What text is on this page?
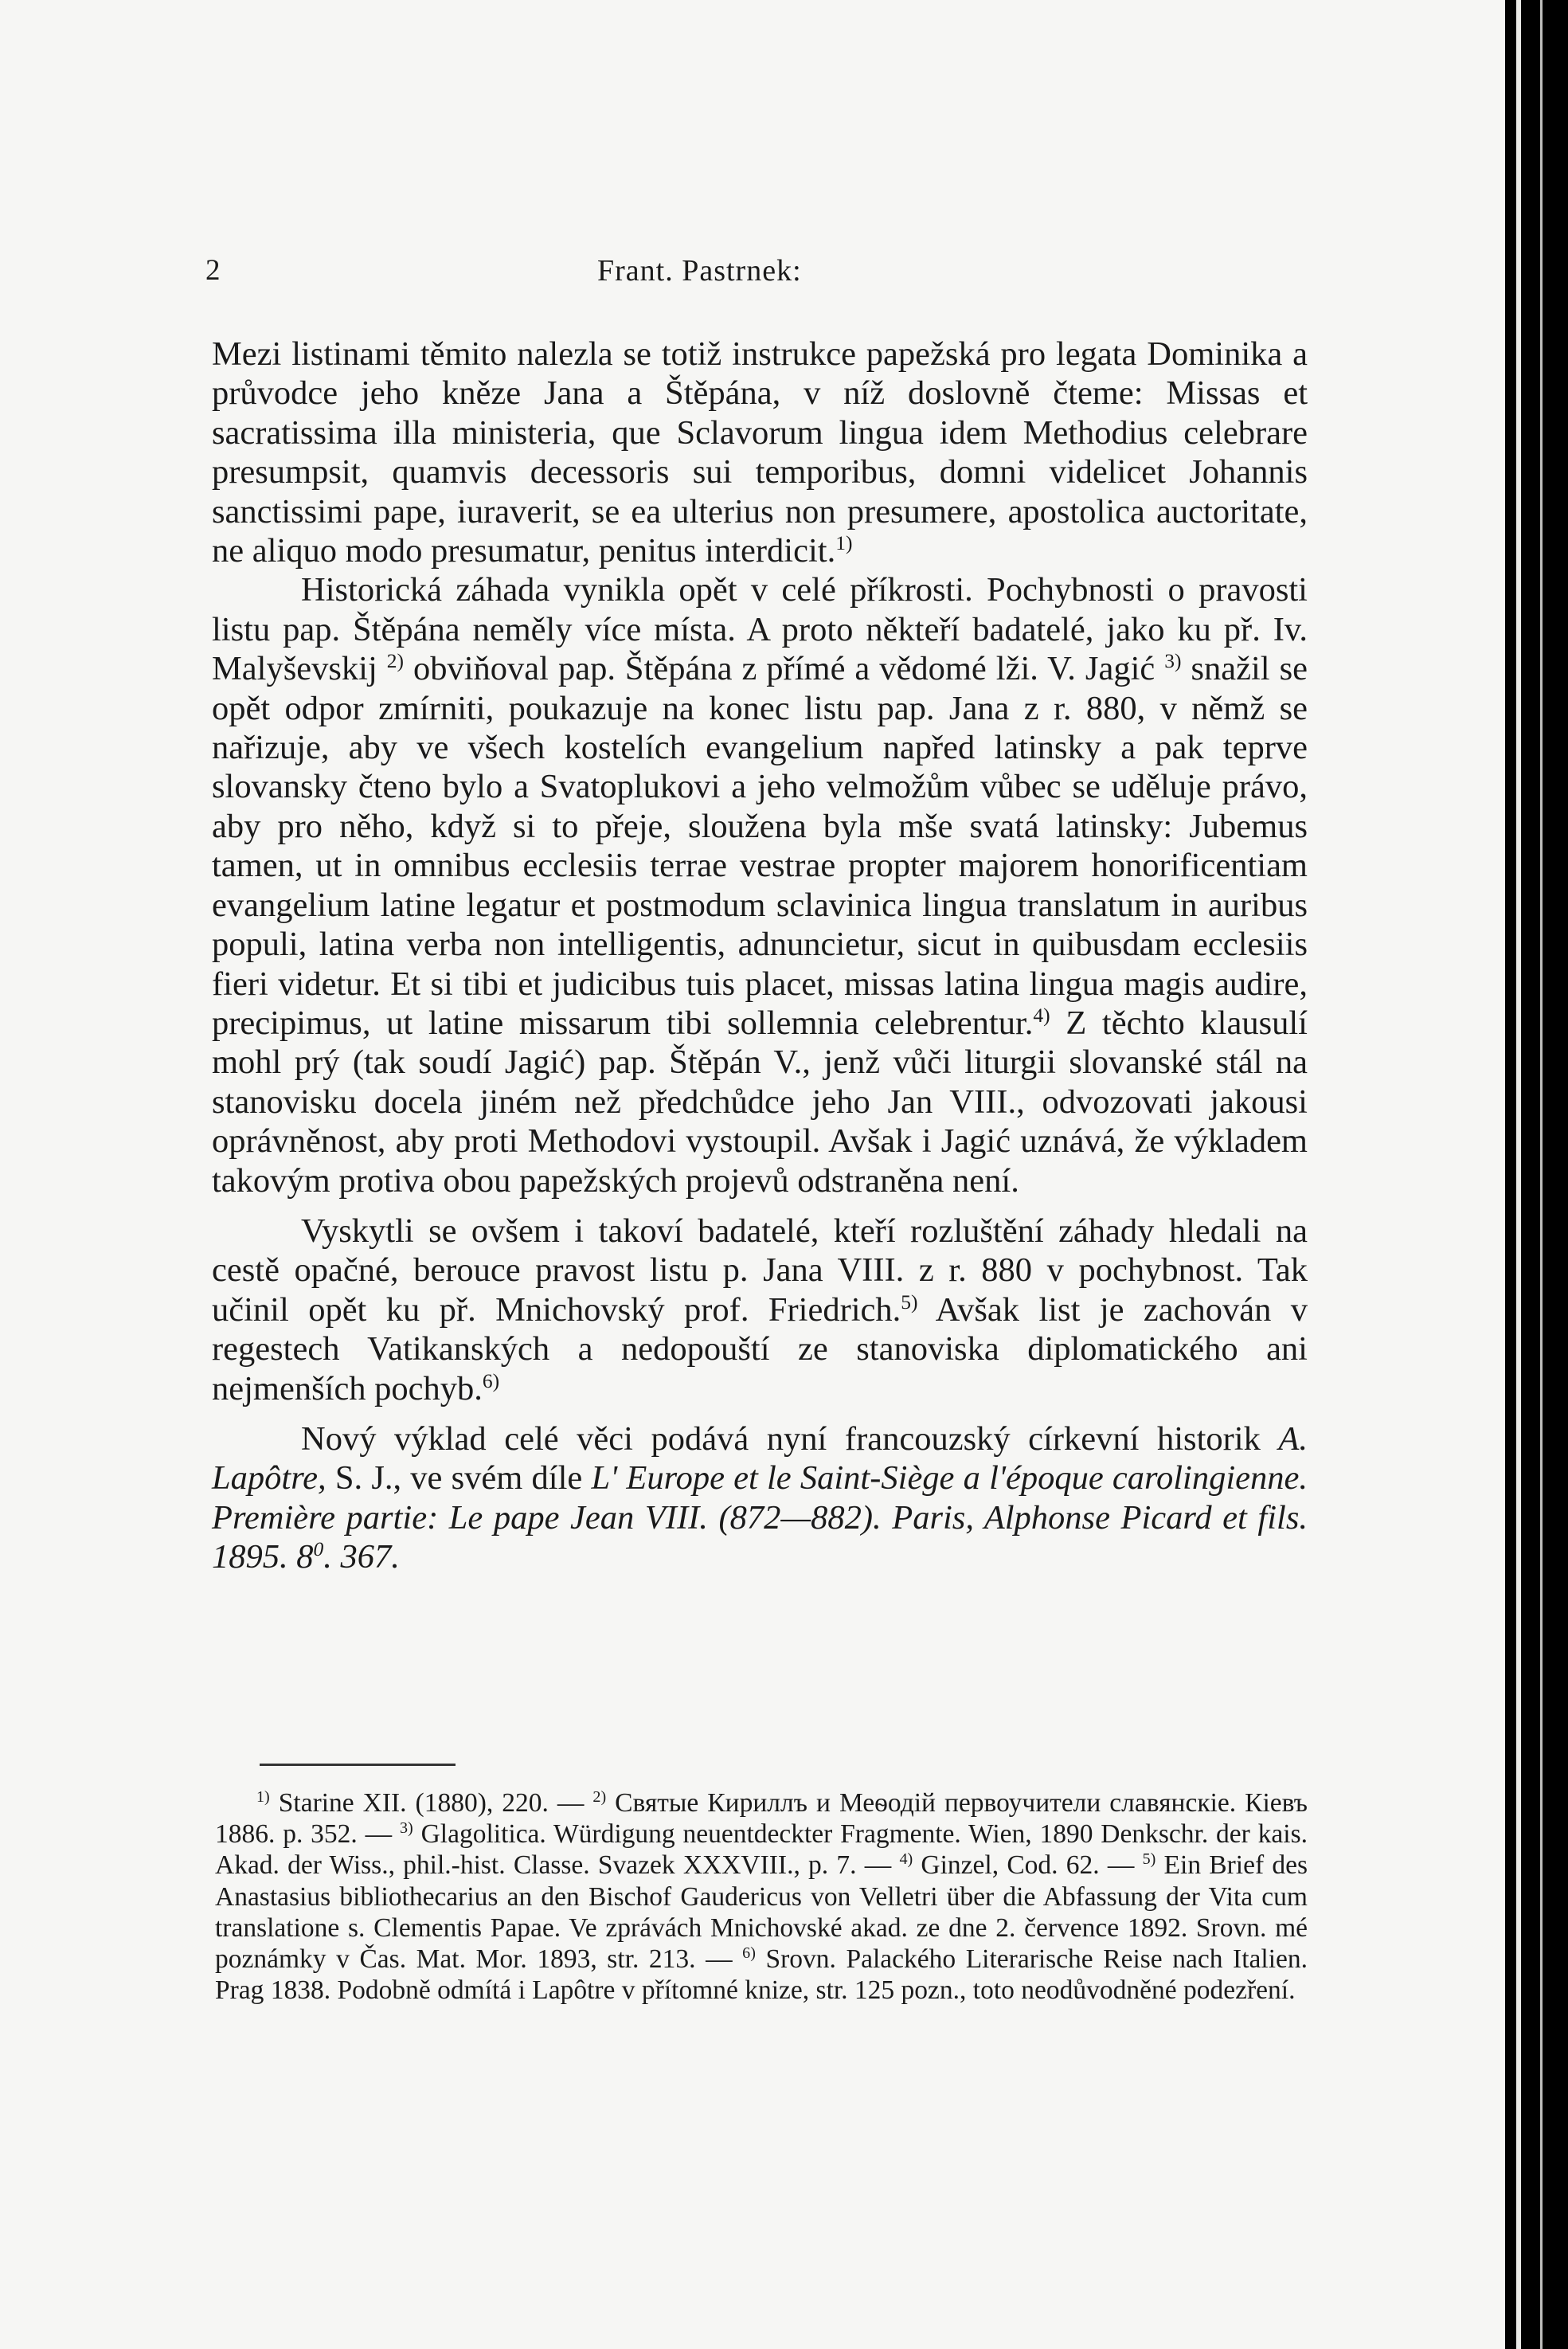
2	Frant. Pastrnek:

Mezi listinami těmito nalezla se totiž instrukce papežská pro legata Dominika a průvodce jeho kněze Jana a Štěpána, v níž doslovně čteme: Missas et sacratissima illa ministeria, que Sclavorum lingua idem Methodius celebrare presumpsit, quamvis decessoris sui temporibus, domni videlicet Johannis sanctissimi pape, iuraverit, se ea ulterius non presumere, apostolica auctoritate, ne aliquo modo presumatur, penitus interdicit.$^{1)}$

Historická záhada vynikla opět v celé příkrosti. Pochybnosti o pravosti listu pap. Štěpána neměly více místa. A proto někteří badatelé, jako ku př. Iv. Malyševskij $^{2)}$ obviňoval pap. Štěpána z přímé a vědomé lži. V. Jagić $^{3)}$ snažil se opět odpor zmírniti, poukazuje na konec listu pap. Jana z r. 880, v němž se nařizuje, aby ve všech kostelích evangelium napřed latinsky a pak teprve slovansky čteno bylo a Svatoplukovi a jeho velmožům vůbec se uděluje právo, aby pro něho, když si to přeje, sloužena byla mše svatá latinsky: Jubemus tamen, ut in omnibus ecclesiis terrae vestrae propter majorem honorificentiam evangelium latine legatur et postmodum sclavinica lingua translatum in auribus populi, latina verba non intelligentis, adnuncietur, sicut in quibusdam ecclesiis fieri videtur. Et si tibi et judicibus tuis placet, missas latina lingua magis audire, precipimus, ut latine missarum tibi sollemnia celebrentur.$^{4)}$ Z těchto klausulí mohl prý (tak soudí Jagić) pap. Štěpán V., jenž vůči liturgii slovanské stál na stanovisku docela jiném než předchůdce jeho Jan VIII., odvozovati jakousi oprávněnost, aby proti Methodovi vystoupil. Avšak i Jagić uznává, že výkladem takovým protiva obou papežských projevů odstraněna není.

Vyskytli se ovšem i takoví badatelé, kteří rozluštění záhady hledali na cestě opačné, berouce pravost listu p. Jana VIII. z r. 880 v pochybnost. Tak učinil opět ku př. Mnichovský prof. Friedrich.$^{5)}$ Avšak list je zachován v regestech Vatikanských a nedopouští ze stanoviska diplomatického ani nejmenších pochyb.$^{6)}$

Nový výklad celé věci podává nyní francouzský církevní historik A. Lapôtre, S. J., ve svém díle L' Europe et le Saint-Siège a l'époque carolingienne. Première partie: Le pape Jean VIII. (872—882). Paris, Alphonse Picard et fils. 1895. $8^0$. 367.

$^{1)}$ Starine XII. (1880), 220. — $^{2)}$ Святые Кириллъ и Меѳодій первоучители славянскіе. Кіевъ 1886. p. 352. — $^{3)}$ Glagolitica. Würdigung neuentdeckter Fragmente. Wien, 1890 Denkschr. der kais. Akad. der Wiss., phil.-hist. Classe. Svazek XXXVIII., p. 7. — $^{4)}$ Ginzel, Cod. 62. — $^{5)}$ Ein Brief des Anastasius bibliothecarius an den Bischof Gaudericus von Velletri über die Abfassung der Vita cum translatione s. Clementis Papae. Ve zprávách Mnichovské akad. ze dne 2. července 1892. Srovn. mé poznámky v Čas. Mat. Mor. 1893, str. 213. — $^{6)}$ Srovn. Palackého Literarische Reise nach Italien. Prag 1838. Podobně odmítá i Lapôtre v přítomné knize, str. 125 pozn., toto neodůvodněné podezření.
